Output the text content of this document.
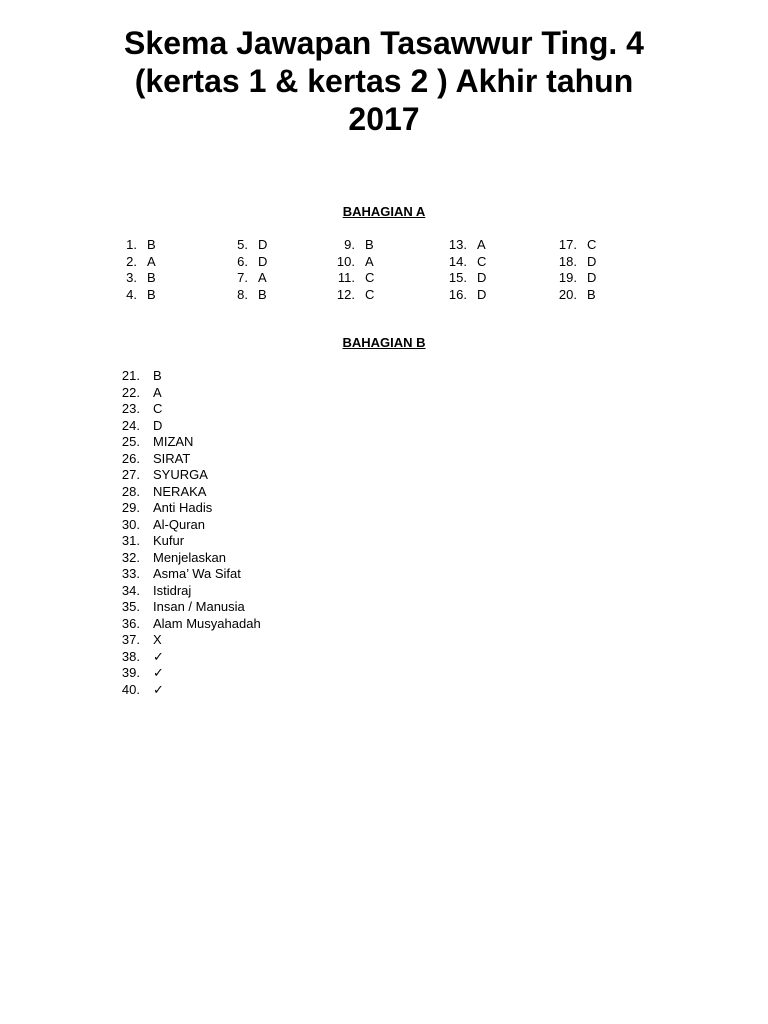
Skema Jawapan Tasawwur Ting. 4
(kertas 1 & kertas 2 ) Akhir tahun
2017
BAHAGIAN A
1. B
2. A
3. B
4. B
5. D
6. D
7. A
8. B
9. B
10. A
11. C
12. C
13. A
14. C
15. D
16. D
17. C
18. D
19. D
20. B
BAHAGIAN B
21. B
22. A
23. C
24. D
25. MIZAN
26. SIRAT
27. SYURGA
28. NERAKA
29. Anti Hadis
30. Al-Quran
31. Kufur
32. Menjelaskan
33. Asma’ Wa Sifat
34. Istidraj
35. Insan / Manusia
36. Alam Musyahadah
37. X
38. ✓
39. ✓
40. ✓
